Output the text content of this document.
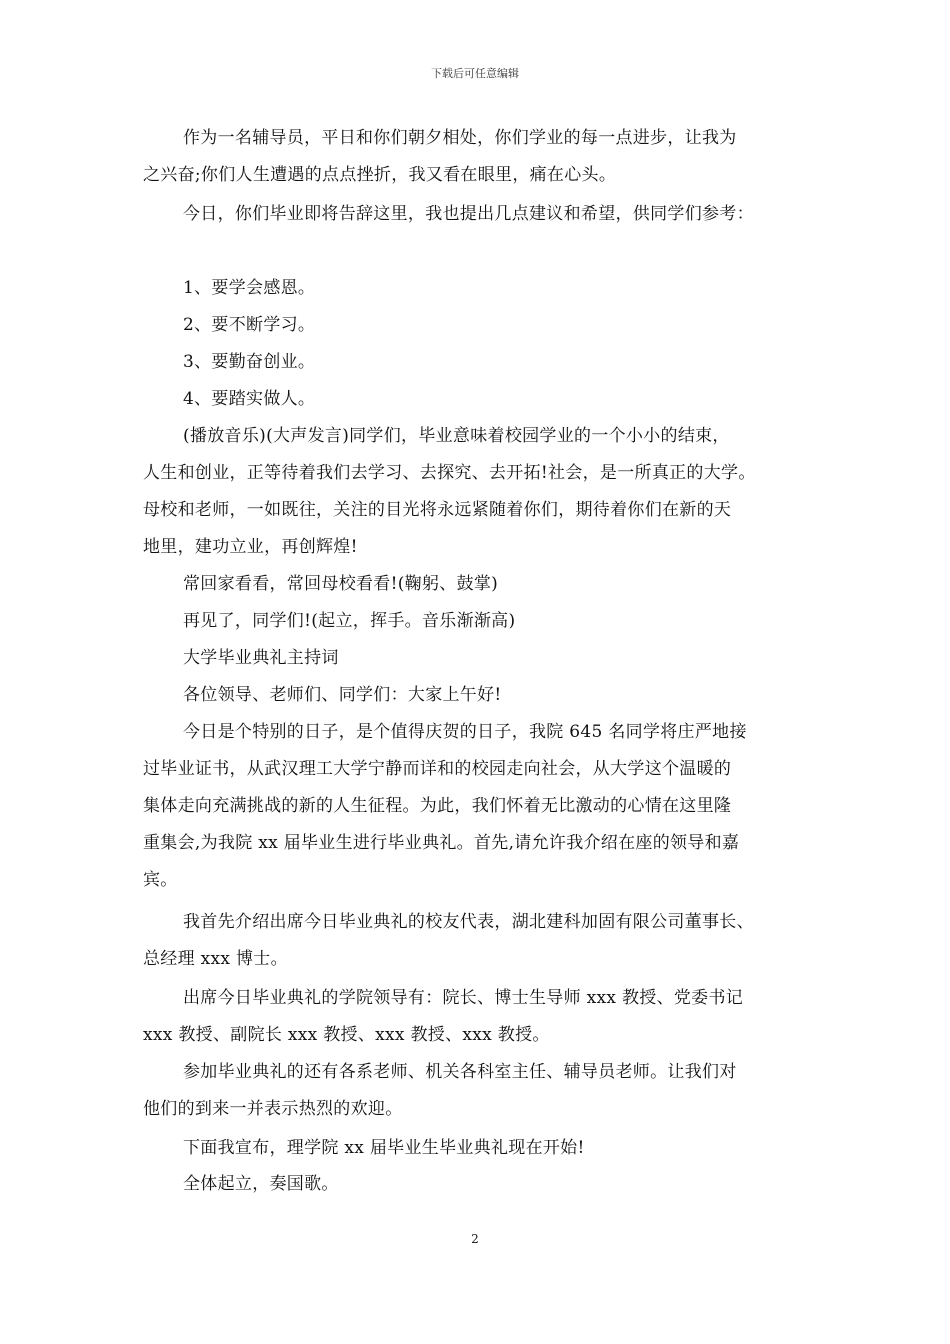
下载后可任意编辑
作为一名辅导员，平日和你们朝夕相处，你们学业的每一点进步，让我为
之兴奋;你们人生遭遇的点点挫折，我又看在眼里，痛在心头。
今日，你们毕业即将告辞这里，我也提出几点建议和希望，供同学们参考：
1、要学会感恩。
2、要不断学习。
3、要勤奋创业。
4、要踏实做人。
(播放音乐)(大声发言)同学们，毕业意味着校园学业的一个小小的结束，
人生和创业，正等待着我们去学习、去探究、去开拓!社会，是一所真正的大学。
母校和老师，一如既往，关注的目光将永远紧随着你们，期待着你们在新的天
地里，建功立业，再创辉煌!
常回家看看，常回母校看看!(鞠躬、鼓掌)
再见了，同学们!(起立，挥手。音乐渐渐高)
大学毕业典礼主持词
各位领导、老师们、同学们：大家上午好!
今日是个特别的日子，是个值得庆贺的日子，我院 645 名同学将庄严地接
过毕业证书，从武汉理工大学宁静而详和的校园走向社会，从大学这个温暖的
集体走向充满挑战的新的人生征程。为此，我们怀着无比激动的心情在这里隆
重集会,为我院 xx 届毕业生进行毕业典礼。首先,请允许我介绍在座的领导和嘉
宾。
我首先介绍出席今日毕业典礼的校友代表，湖北建科加固有限公司董事长、
总经理 xxx 博士。
出席今日毕业典礼的学院领导有：院长、博士生导师 xxx 教授、党委书记
xxx 教授、副院长 xxx 教授、xxx 教授、xxx 教授。
参加毕业典礼的还有各系老师、机关各科室主任、辅导员老师。让我们对
他们的到来一并表示热烈的欢迎。
下面我宣布，理学院 xx 届毕业生毕业典礼现在开始!
全体起立，奏国歌。
2
